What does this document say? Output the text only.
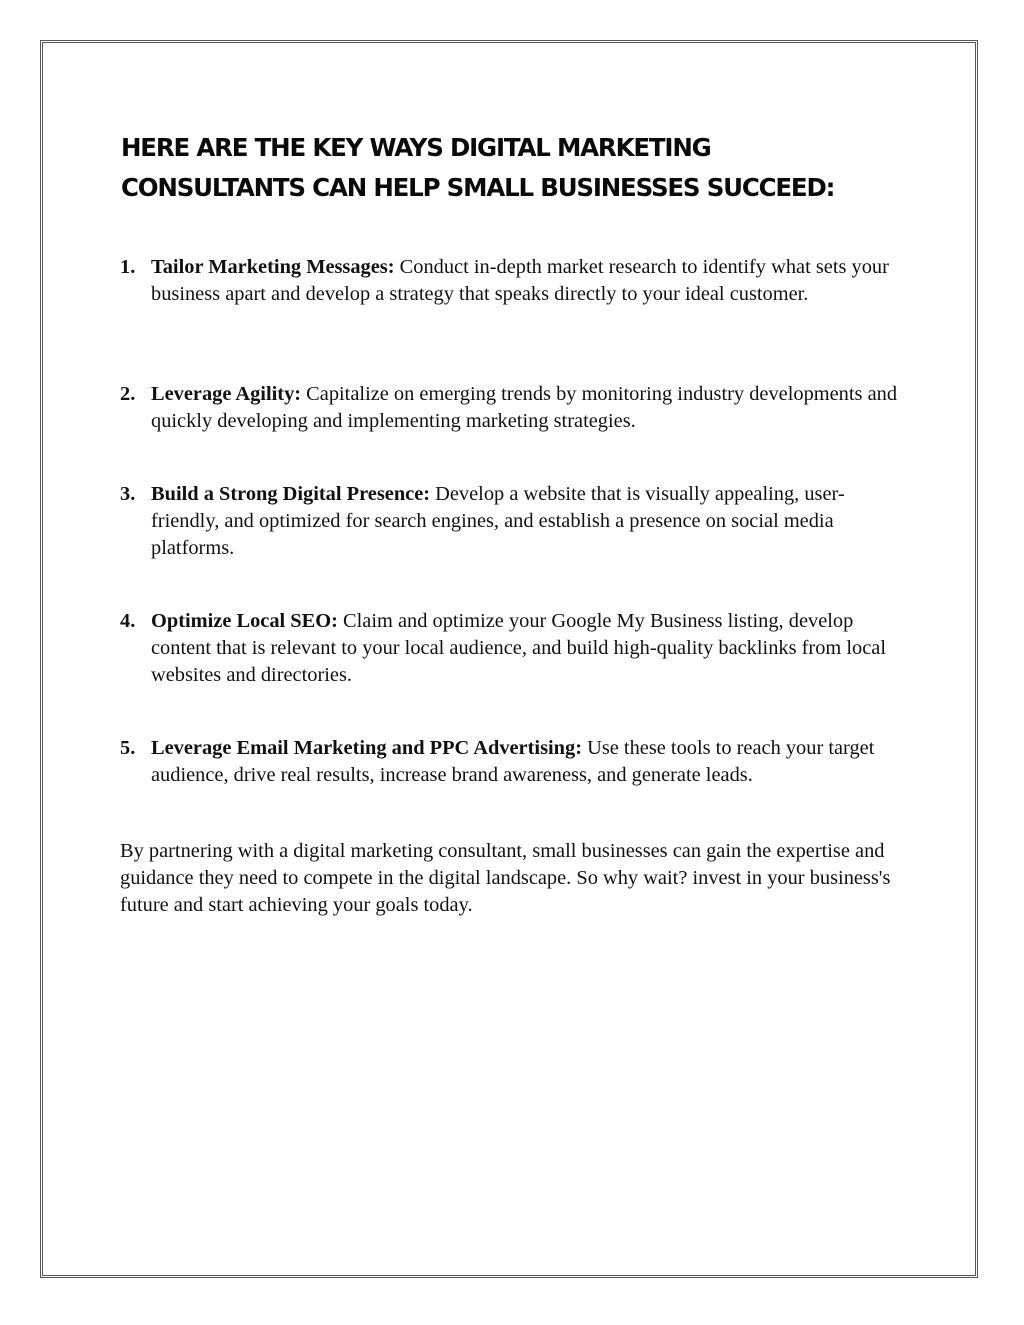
HERE ARE THE KEY WAYS DIGITAL MARKETING
CONSULTANTS CAN HELP SMALL BUSINESSES SUCCEED:
1. Tailor Marketing Messages: Conduct in-depth market research to identify what sets your business apart and develop a strategy that speaks directly to your ideal customer.
2. Leverage Agility: Capitalize on emerging trends by monitoring industry developments and quickly developing and implementing marketing strategies.
3. Build a Strong Digital Presence: Develop a website that is visually appealing, user-friendly, and optimized for search engines, and establish a presence on social media platforms.
4. Optimize Local SEO: Claim and optimize your Google My Business listing, develop content that is relevant to your local audience, and build high-quality backlinks from local websites and directories.
5. Leverage Email Marketing and PPC Advertising: Use these tools to reach your target audience, drive real results, increase brand awareness, and generate leads.

By partnering with a digital marketing consultant, small businesses can gain the expertise and guidance they need to compete in the digital landscape. So why wait? invest in your business's future and start achieving your goals today.
